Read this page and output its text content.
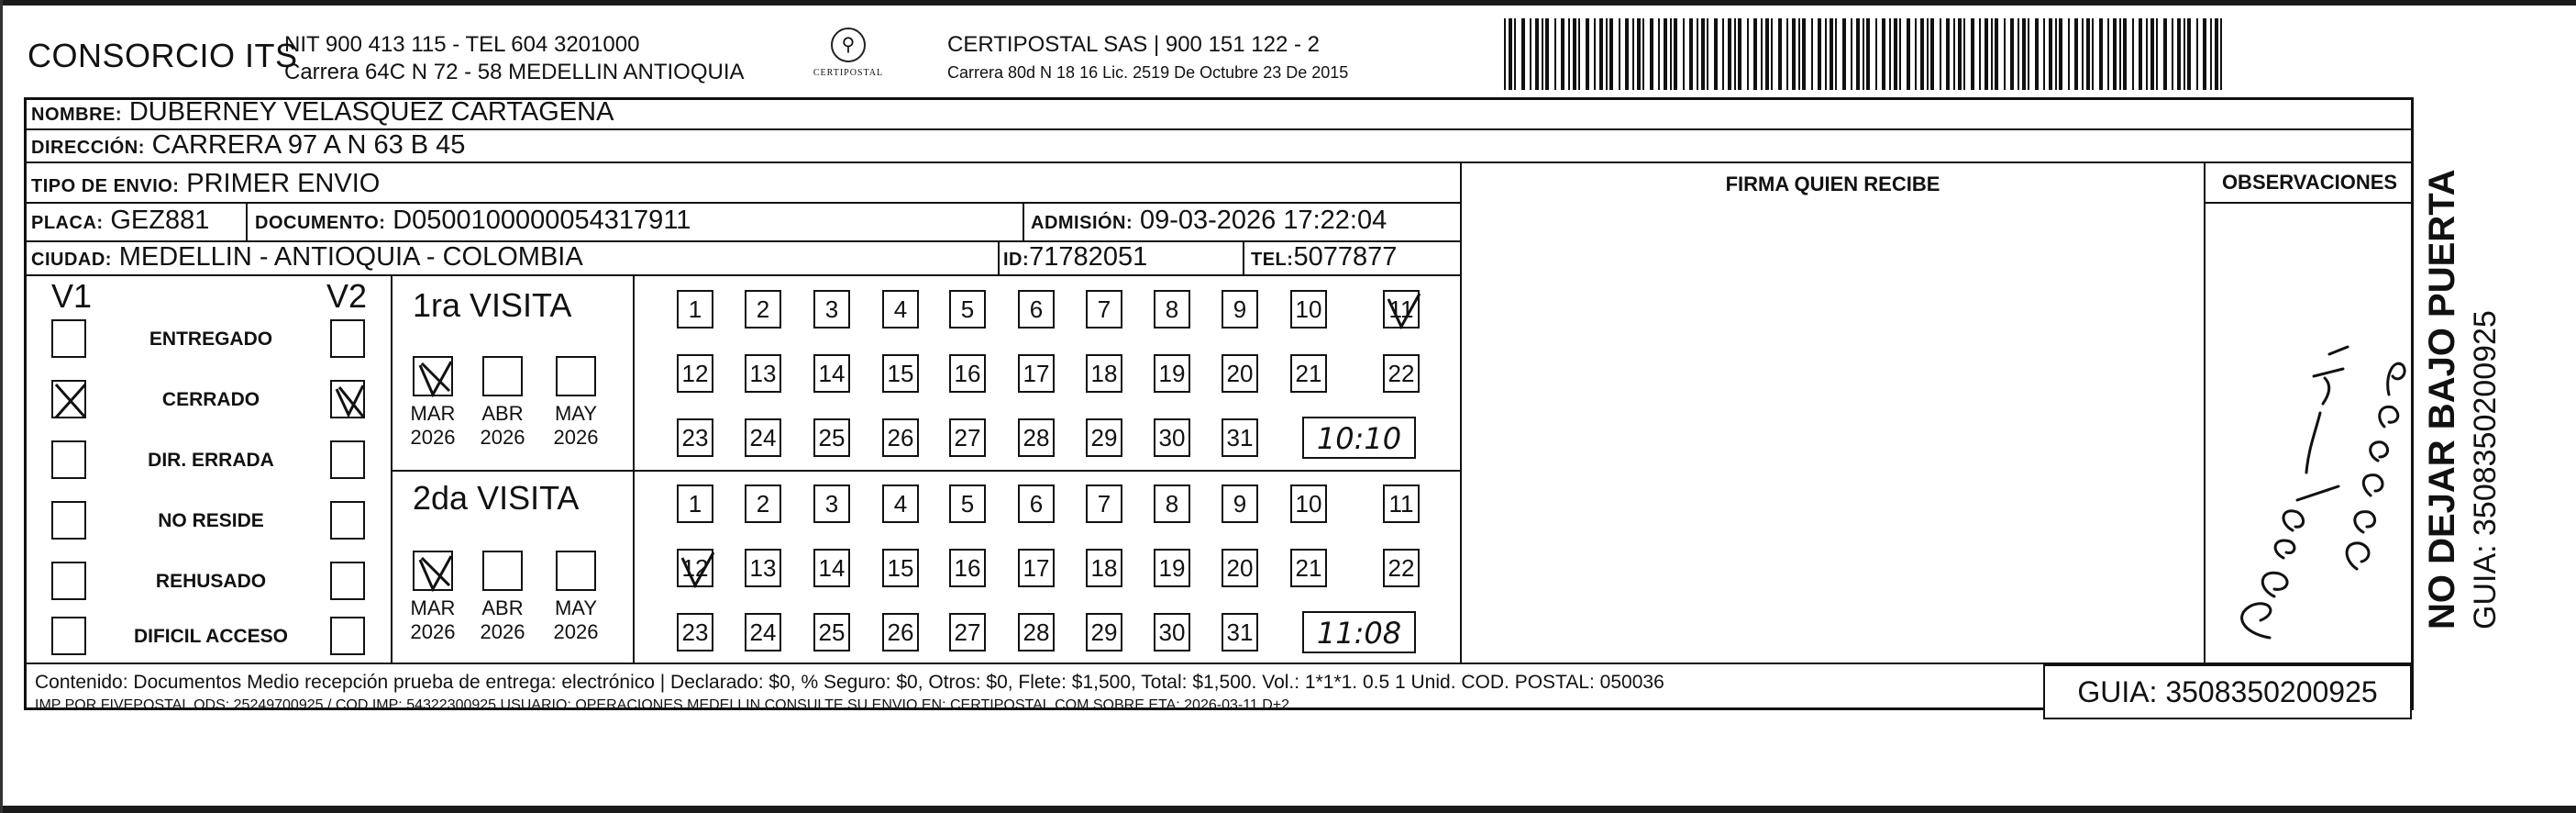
CONSORCIO ITS
NIT 900 413 115 - TEL 604 3201000
Carrera 64C N 72 - 58 MEDELLIN ANTIOQUIA
⚲
CERTIPOSTAL
CERTIPOSTAL SAS | 900 151 122 - 2
Carrera 80d N 18 16 Lic. 2519 De Octubre 23 De 2015
NOMBRE: DUBERNEY VELASQUEZ CARTAGENA
DIRECCIÓN: CARRERA 97 A N 63 B 45
TIPO DE ENVIO: PRIMER ENVIO	FIRMA QUIEN RECIBE	OBSERVACIONES
PLACA: GEZ881 DOCUMENTO: D0500100000054317911	ADMISIÓN: 09-03-2026 17:22:04
CIUDAD: MEDELLIN - ANTIOQUIA - COLOMBIA	ID:71782051	TEL:5077877
V1	V2
ENTREGADO
CERRADO
DIR. ERRADA
NO RESIDE
REHUSADO
DIFICIL ACCESO
1ra VISITA
2da VISITA
MAR
2026
ABR
2026
MAY
2026
1	2	3	4	5	6	7	8	9	10	11
12 13 14 15 16 17 18 19 20 21	22
23 24 25 26 27 28 29 30 31	10:10
MAR
2026
ABR
2026
MAY
2026
1	2	3	4	5	6	7	8	9	10	11
12 13 14 15 16 17 18 19 20 21	22
23 24 25 26 27 28 29 30 31	11:08
Contenido: Documentos Medio recepción prueba de entrega: electrónico | Declarado: $0, % Seguro: $0, Otros: $0, Flete: $1,500, Total: $1,500. Vol.: 1*1*1. 0.5 1 Unid. COD. POSTAL: 050036
IMP POR FIVEPOSTAL ODS: 25249700925 / COD.IMP: 54322300925 USUARIO: OPERACIONES MEDELLIN CONSULTE SU ENVIO EN: CERTIPOSTAL.COM SOBRE ETA: 2026-03-11 D+2	GUIA: 3508350200925
NO DEJAR BAJO PUERTA GUIA: 3508350200925
